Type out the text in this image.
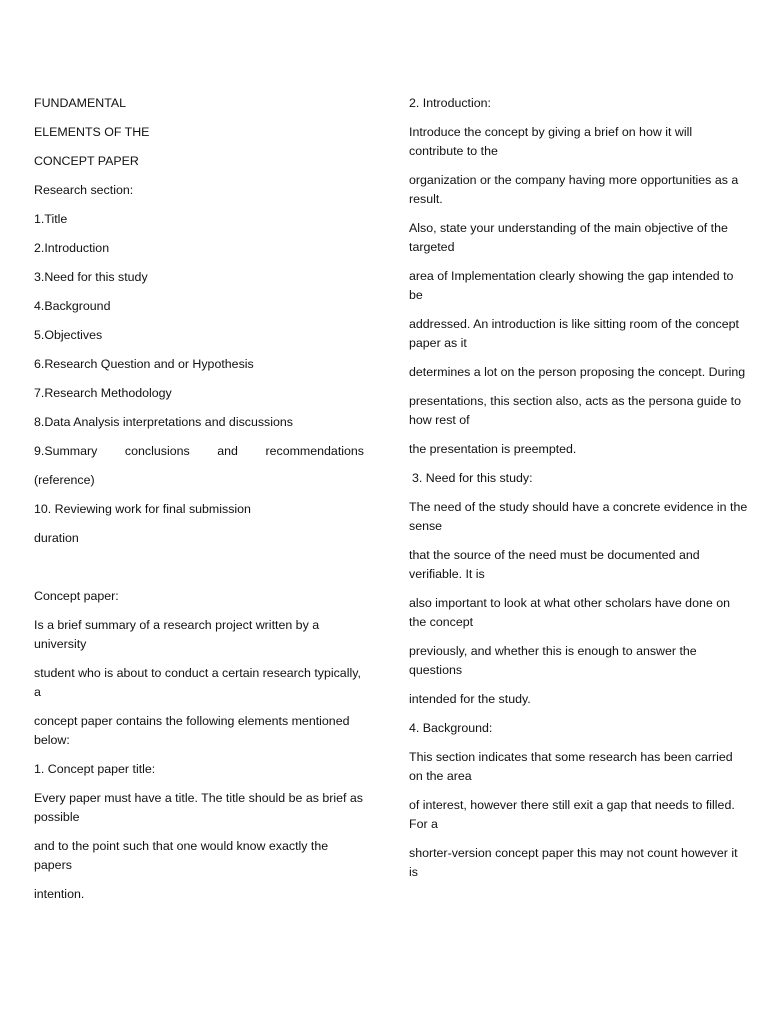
FUNDAMENTAL

ELEMENTS OF THE

CONCEPT PAPER

Research section:

1.Title

2.Introduction

3.Need for this study

4.Background

5.Objectives

6.Research Question and or Hypothesis

7.Research Methodology

8.Data Analysis interpretations and discussions

9.Summary conclusions and recommendations

(reference)

10. Reviewing work for final submission

duration

Concept paper:

Is a brief summary of a research project written by a university

student who is about to conduct a certain research typically, a

concept paper contains the following elements mentioned below:

1. Concept paper title:

Every paper must have a title. The title should be as brief as possible

and to the point such that one would know exactly the papers

intention.

2. Introduction:

Introduce the concept by giving a brief on how it will contribute to the

organization or the company having more opportunities as a result.

Also, state your understanding of the main objective of the targeted

area of Implementation clearly showing the gap intended to be

addressed. An introduction is like sitting room of the concept paper as it

determines a lot on the person proposing the concept. During

presentations, this section also, acts as the persona guide to how rest of

the presentation is preempted.

3. Need for this study:

The need of the study should have a concrete evidence in the sense

that the source of the need must be documented and verifiable. It is

also important to look at what other scholars have done on the concept

previously, and whether this is enough to answer the questions

intended for the study.

4. Background:

This section indicates that some research has been carried on the area

of interest, however there still exit a gap that needs to filled. For a

shorter-version concept paper this may not count however it is
